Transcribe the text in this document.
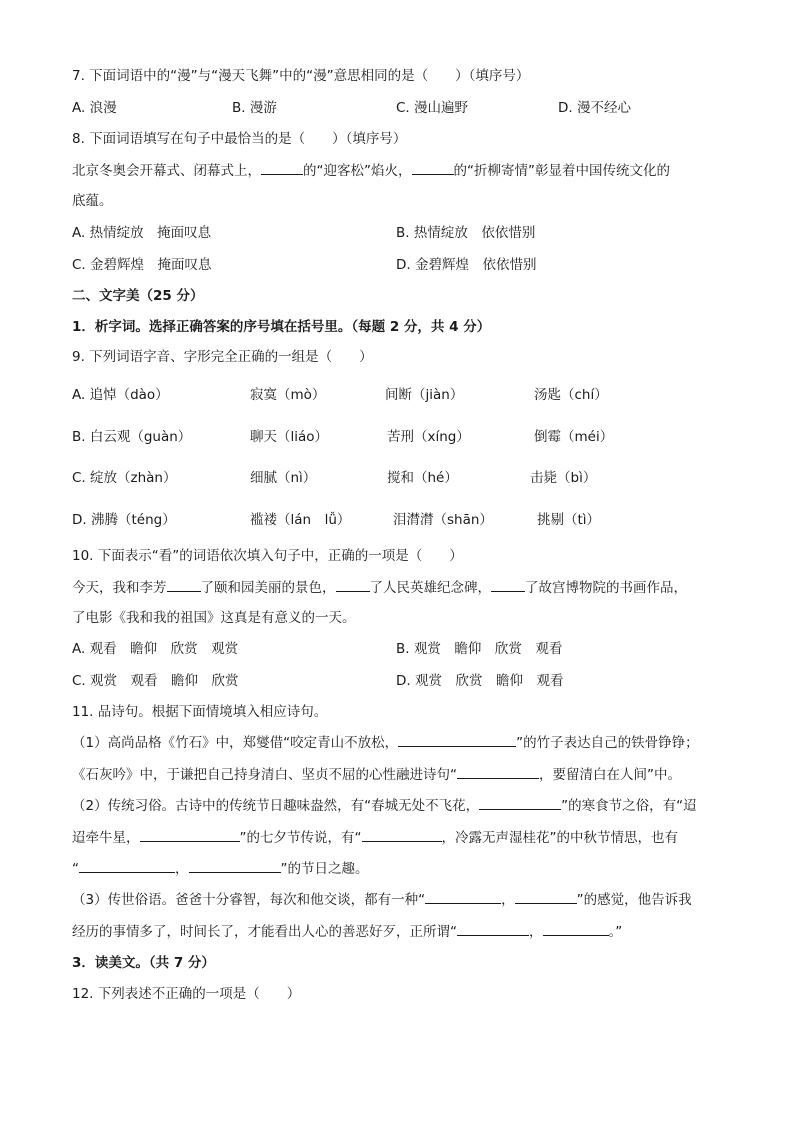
7. 下面词语中的“漫”与“漫天飞舞”中的“漫”意思相同的是（　　）（填序号）
A. 浪漫	B. 漫游	C. 漫山遍野	D. 漫不经心
8. 下面词语填写在句子中最恰当的是（　　）（填序号）
北京冬奥会开幕式、闭幕式上，	的“迎客松”焰火，	的“折柳寄情”彰显着中国传统文化的
底蕴。
A. 热情绽放　掩面叹息	B. 热情绽放　依依惜别
C. 金碧辉煌　掩面叹息	D. 金碧辉煌　依依惜别
二、文字美（25 分）
1．析字词。选择正确答案的序号填在括号里。（每题 2 分，共 4 分）
9. 下列词语字音、字形完全正确的一组是（　　）
A. 追悼（dào）	寂寞（mò）	间断（jiàn）	汤匙（chí）
B. 白云观（guàn）	聊天（liáo）	苦刑（xíng）	倒霉（méi）
C. 绽放（zhàn）	细腻（nì）	搅和（hé）	击毙（bì）
D. 沸腾（téng）	褴褛（lán　lǚ）	泪潸潸（shān）	挑剔（tì）
10. 下面表示“看”的词语依次填入句子中，正确的一项是（　　）
今天，我和李芳	了颐和园美丽的景色，	了人民英雄纪念碑，	了故宫博物院的书画作品，
了电影《我和我的祖国》这真是有意义的一天。
A. 观看　瞻仰　欣赏　观赏	B. 观赏　瞻仰　欣赏　观看
C. 观赏　观看　瞻仰　欣赏	D. 观赏　欣赏　瞻仰　观看
11. 品诗句。根据下面情境填入相应诗句。
（1）高尚品格《竹石》中，郑燮借“咬定青山不放松，	”的竹子表达自己的铁骨铮铮；
《石灰吟》中，于谦把自己持身清白、坚贞不屈的心性融进诗句“	，要留清白在人间”中。
（2）传统习俗。古诗中的传统节日趣味盎然，有“春城无处不飞花，	”的寒食节之俗，有“迢
迢牵牛星，	”的七夕节传说，有“	，冷露无声湿桂花”的中秋节情思，也有
“	，	”的节日之趣。
（3）传世俗语。爸爸十分睿智，每次和他交谈，都有一种“	，	”的感觉，他告诉我
经历的事情多了，时间长了，才能看出人心的善恶好歹，正所谓“	，	。”
3．读美文。（共 7 分）
12. 下列表述不正确的一项是（　　）
